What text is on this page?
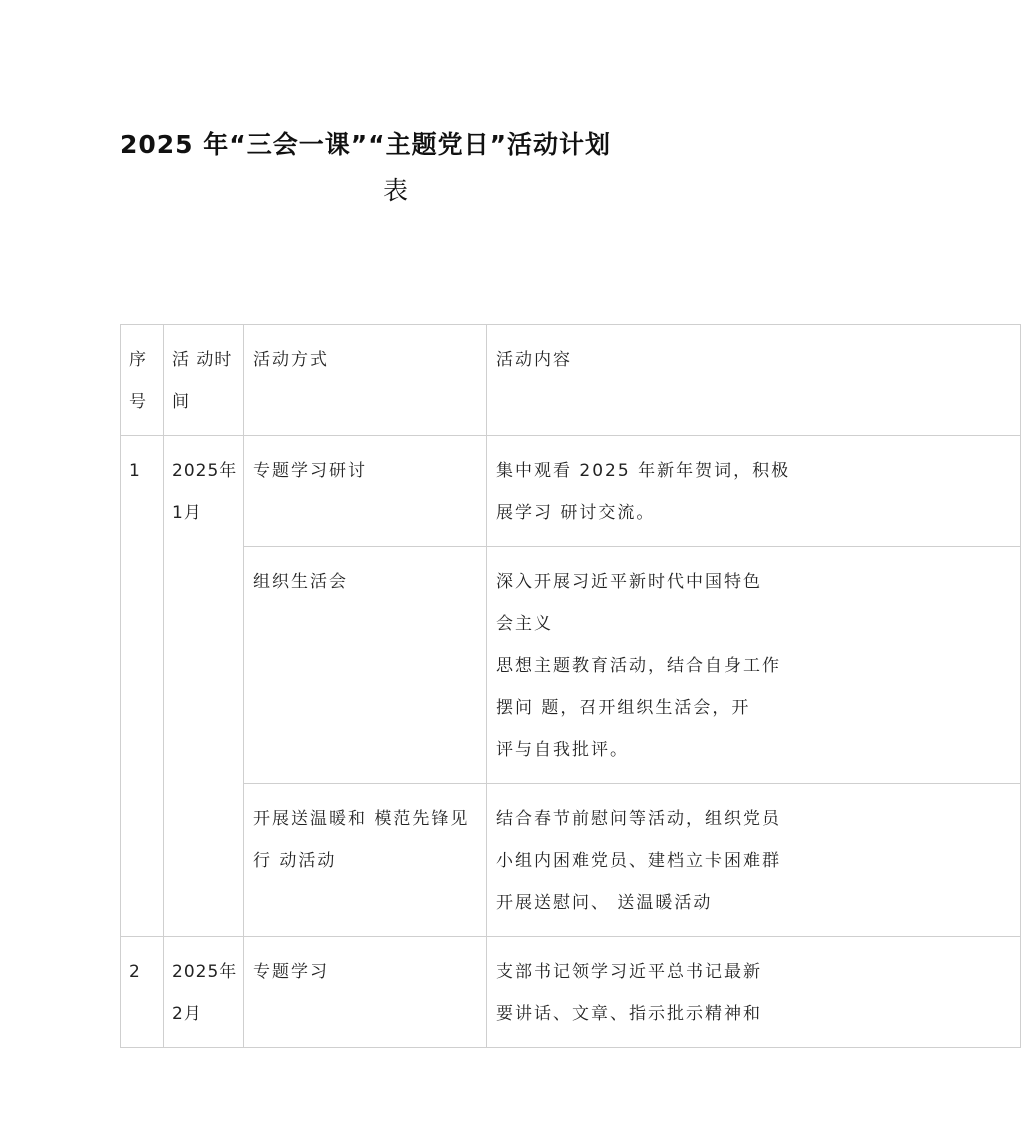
2025 年“三会一课”“主题党日”活动计划
表
序号	活 动时间	活动方式	活动内容
1	2025年1月	专题学习研讨	集中观看 2025 年新年贺词，积极
展学习 研讨交流。
		组织生活会	深入开展习近平新时代中国特色
会主义
思想主题教育活动，结合自身工作
摆问 题，召开组织生活会，开
评与自我批评。
		开展送温暖和 模范先锋见行 动活动	结合春节前慰问等活动，组织党员
小组内困难党员、建档立卡困难群
开展送慰问、 送温暖活动
2	2025年2月	专题学习	支部书记领学习近平总书记最新
要讲话、文章、指示批示精神和
